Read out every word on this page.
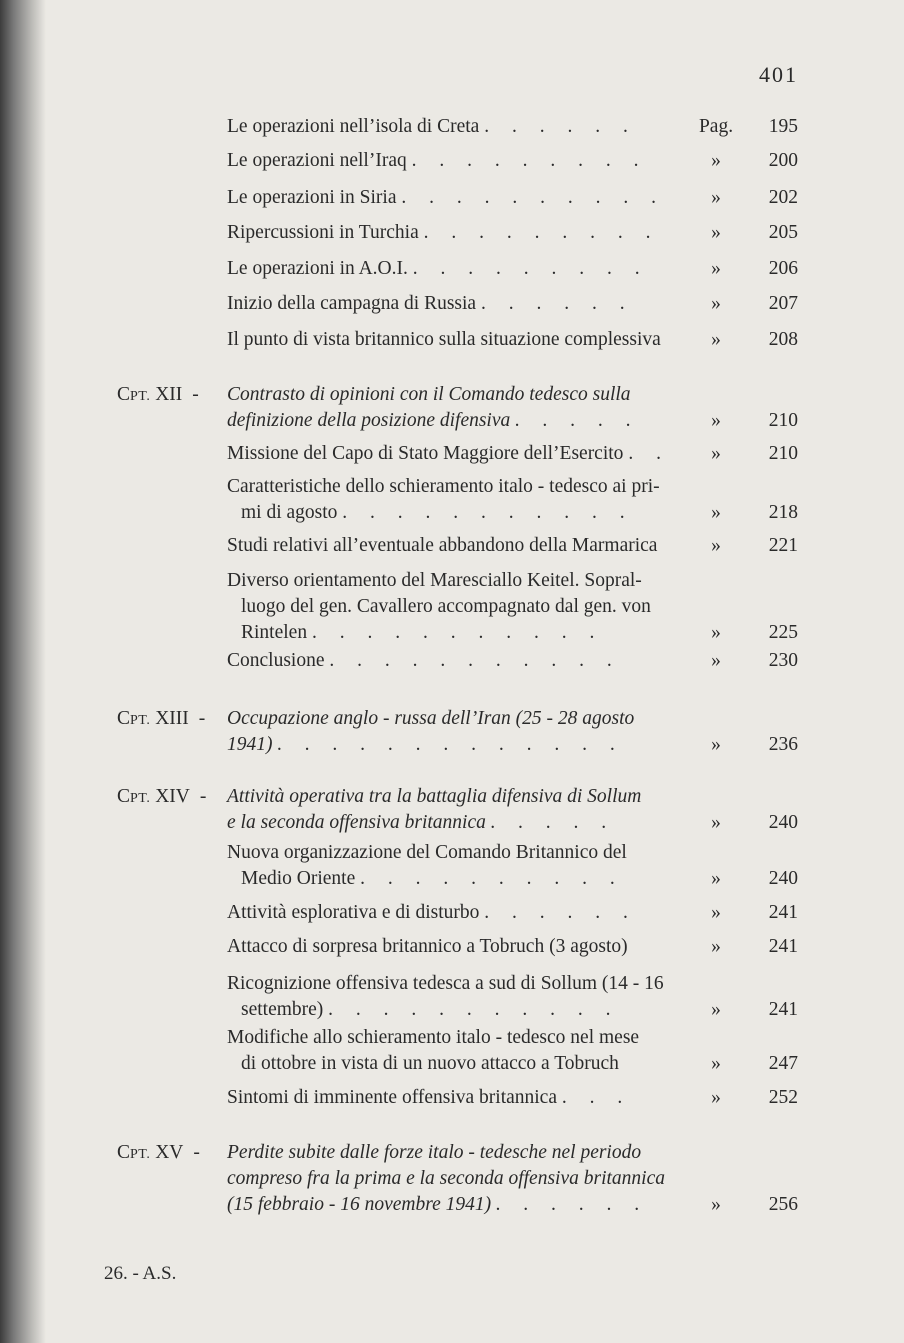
401
Le operazioni nell’isola di Creta . . . . . .	Pag.	195
Le operazioni nell’Iraq . . . . . . . . .	»	200
Le operazioni in Siria . . . . . . . . . .	»	202
Ripercussioni in Turchia . . . . . . . . .	»	205
Le operazioni in A.O.I. . . . . . . . . .	»	206
Inizio della campagna di Russia . . . . . .	»	207
Il punto di vista britannico sulla situazione complessiva	»	208
CPT. XII - Contrasto di opinioni con il Comando tedesco sulla
definizione della posizione difensiva . . . . .	»	210
Missione del Capo di Stato Maggiore dell’Esercito . .	»	210
Caratteristiche dello schieramento italo - tedesco ai pri-
mi di agosto . . . . . . . . . . .	»	218
Studi relativi all’eventuale abbandono della Marmarica	»	221
Diverso orientamento del Maresciallo Keitel. Sopral-
luogo del gen. Cavallero accompagnato dal gen. von
Rintelen . . . . . . . . . . .	»	225
Conclusione . . . . . . . . . . .	»	230
CPT. XIII - Occupazione anglo - russa dell’Iran (25 - 28 agosto
1941) . . . . . . . . . . . . .	»	236
CPT. XIV - Attività operativa tra la battaglia difensiva di Sollum
e la seconda offensiva britannica . . . . .	»	240
Nuova organizzazione del Comando Britannico del
Medio Oriente . . . . . . . . . .	»	240
Attività esplorativa e di disturbo . . . . . .	»	241
Attacco di sorpresa britannico a Tobruch (3 agosto)	»	241
Ricognizione offensiva tedesca a sud di Sollum (14 - 16
settembre) . . . . . . . . . . .	»	241
Modifiche allo schieramento italo - tedesco nel mese
di ottobre in vista di un nuovo attacco a Tobruch	»	247
Sintomi di imminente offensiva britannica . . .	»	252
CPT. XV - Perdite subite dalle forze italo - tedesche nel periodo
compreso fra la prima e la seconda offensiva britannica
(15 febbraio - 16 novembre 1941) . . . . . .	»	256
26. - A.S.
